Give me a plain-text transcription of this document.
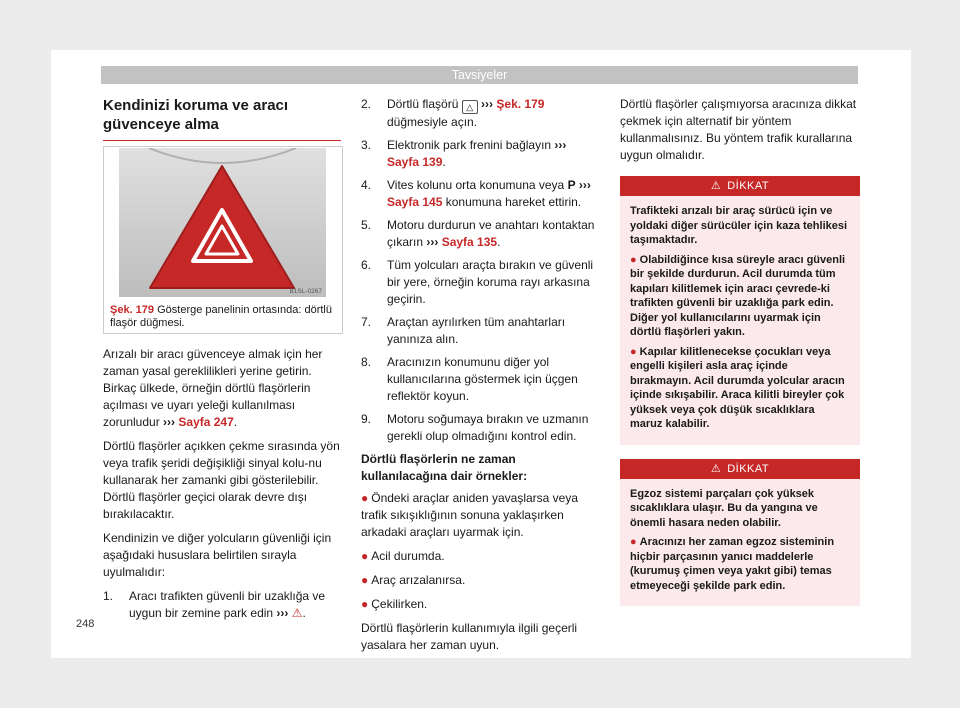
Tavsiyeler
Kendinizi koruma ve aracı güvenceye alma
B1SL-0267
Şek. 179 Gösterge panelinin ortasında: dörtlü flaşör düğmesi.

Arızalı bir aracı güvenceye almak için her zaman yasal gereklilikleri yerine getirin. Birkaç ülkede, örneğin dörtlü flaşörlerin açılması ve uyarı yeleği kullanılması zorunludur ››› Sayfa 247.

Dörtlü flaşörler açıkken çekme sırasında yön veya trafik şeridi değişikliği sinyal kolu-nu kullanarak her zamanki gibi gösterilebilir. Dörtlü flaşörler geçici olarak devre dışı bırakılacaktır.

Kendinizin ve diğer yolcuların güvenliği için aşağıdaki hususlara belirtilen sırayla uyulmalıdır:

1. Aracı trafikten güvenli bir uzaklığa ve uygun bir zemine park edin ››› ⚠.
2. Dörtlü flaşörü △ ››› Şek. 179 düğmesiyle açın.
3. Elektronik park frenini bağlayın ››› Sayfa 139.
4. Vites kolunu orta konumuna veya P ››› Sayfa 145 konumuna hareket ettirin.
5. Motoru durdurun ve anahtarı kontaktan çıkarın ››› Sayfa 135.
6. Tüm yolcuları araçta bırakın ve güvenli bir yere, örneğin koruma rayı arkasına geçirin.
7. Araçtan ayrılırken tüm anahtarları yanınıza alın.
8. Aracınızın konumunu diğer yol kullanıcılarına göstermek için üçgen reflektör koyun.
9. Motoru soğumaya bırakın ve uzmanın gerekli olup olmadığını kontrol edin.

Dörtlü flaşörlerin ne zaman kullanılacağına dair örnekler:

● Öndeki araçlar aniden yavaşlarsa veya trafik sıkışıklığının sonuna yaklaşırken arkadaki araçları uyarmak için.

● Acil durumda.

● Araç arızalanırsa.

● Çekilirken.

Dörtlü flaşörlerin kullanımıyla ilgili geçerli yasalara her zaman uyun.

Dörtlü flaşörler çalışmıyorsa aracınıza dikkat çekmek için alternatif bir yöntem kullanmalısınız. Bu yöntem trafik kurallarına uygun olmalıdır.

⚠ DİKKAT

Trafikteki arızalı bir araç sürücü için ve yoldaki diğer sürücüler için kaza tehlikesi taşımaktadır.

● Olabildiğince kısa süreyle aracı güvenli bir şekilde durdurun. Acil durumda tüm kapıları kilitlemek için aracı çevrede-ki trafikten güvenli bir uzaklığa park edin. Diğer yol kullanıcılarını uyarmak için dörtlü flaşörleri yakın.

● Kapılar kilitlenecekse çocukları veya engelli kişileri asla araç içinde bırakmayın. Acil durumda yolcular aracın içinde sıkışabilir. Araca kilitli bireyler çok yüksek veya çok düşük sıcaklıklara maruz kalabilir.

⚠ DİKKAT

Egzoz sistemi parçaları çok yüksek sıcaklıklara ulaşır. Bu da yangına ve önemli hasara neden olabilir.

● Aracınızı her zaman egzoz sisteminin hiçbir parçasının yanıcı maddelerle (kurumuş çimen veya yakıt gibi) temas etmeyeceği şekilde park edin.

248
